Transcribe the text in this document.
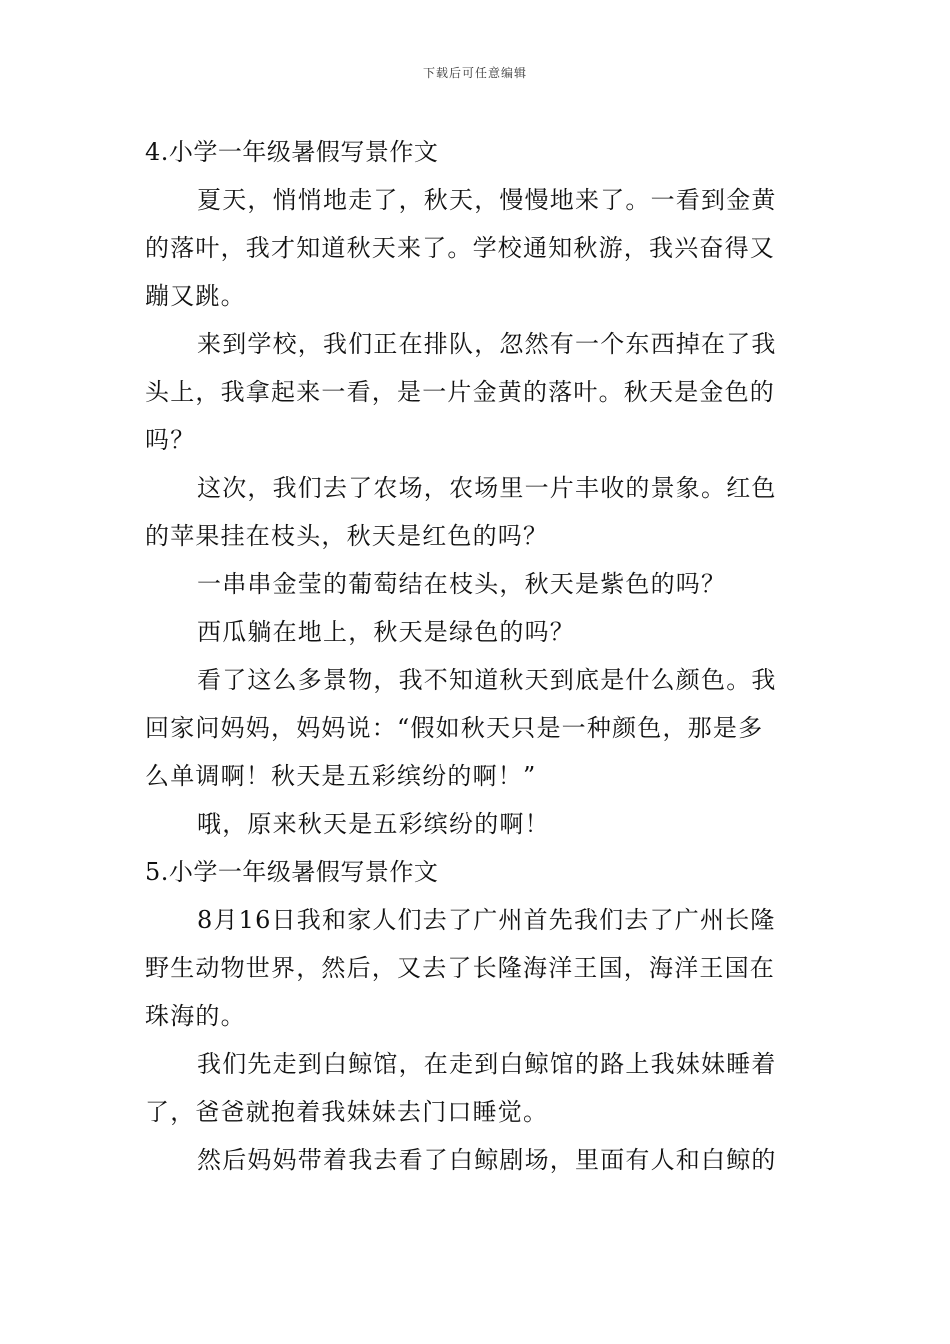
下载后可任意编辑

4.小学一年级暑假写景作文

夏天，悄悄地走了，秋天，慢慢地来了。一看到金黄

的落叶，我才知道秋天来了。学校通知秋游，我兴奋得又

蹦又跳。

来到学校，我们正在排队，忽然有一个东西掉在了我

头上，我拿起来一看，是一片金黄的落叶。秋天是金色的

吗？

这次，我们去了农场，农场里一片丰收的景象。红色

的苹果挂在枝头，秋天是红色的吗？

一串串金莹的葡萄结在枝头，秋天是紫色的吗？

西瓜躺在地上，秋天是绿色的吗？

看了这么多景物，我不知道秋天到底是什么颜色。我

回家问妈妈，妈妈说：“假如秋天只是一种颜色，那是多

么单调啊！秋天是五彩缤纷的啊！”

哦，原来秋天是五彩缤纷的啊！

5.小学一年级暑假写景作文

8月16日我和家人们去了广州首先我们去了广州长隆

野生动物世界，然后，又去了长隆海洋王国，海洋王国在

珠海的。

我们先走到白鲸馆，在走到白鲸馆的路上我妹妹睡着

了，爸爸就抱着我妹妹去门口睡觉。

然后妈妈带着我去看了白鲸剧场，里面有人和白鲸的
